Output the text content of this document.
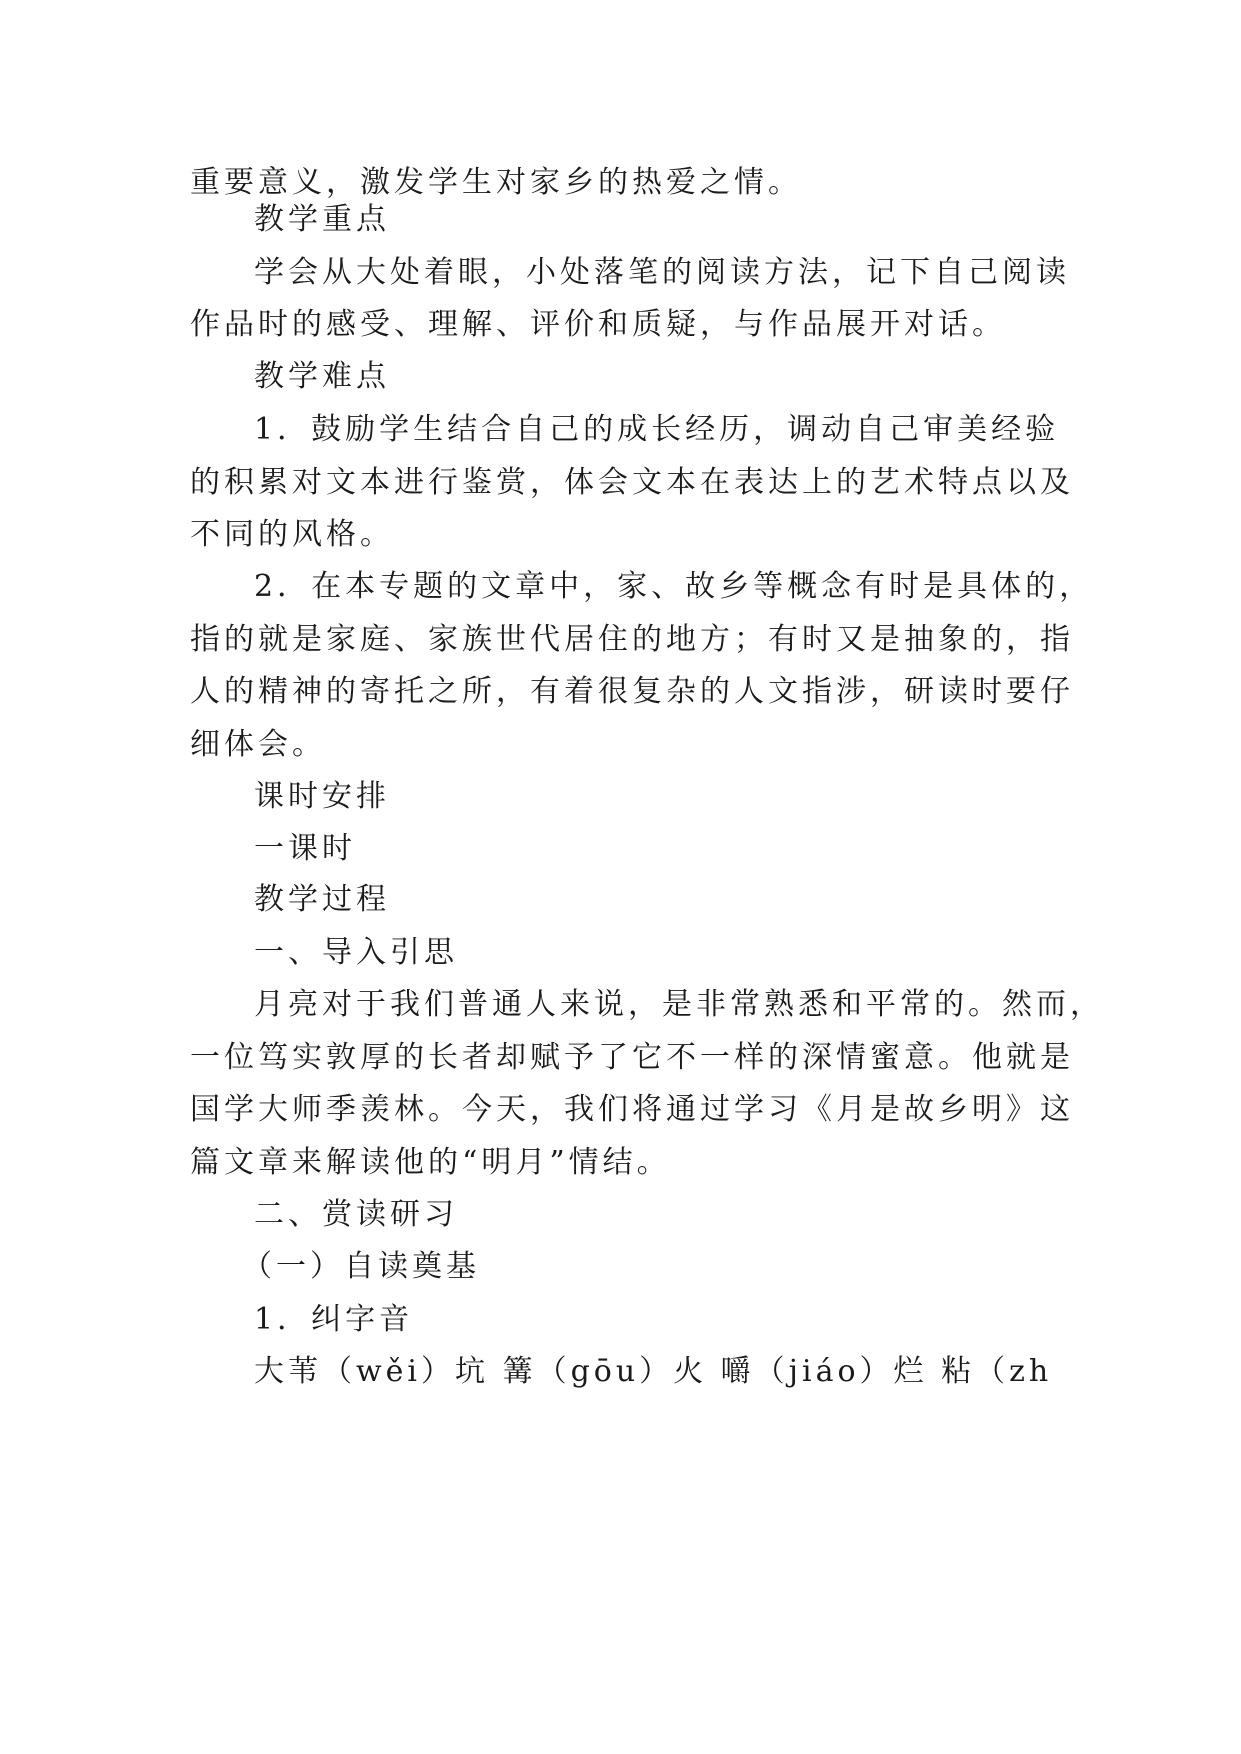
重要意义，激发学生对家乡的热爱之情。
教学重点
学会从大处着眼，小处落笔的阅读方法，记下自己阅读
作品时的感受、理解、评价和质疑，与作品展开对话。
教学难点
1．鼓励学生结合自己的成长经历，调动自己审美经验
的积累对文本进行鉴赏，体会文本在表达上的艺术特点以及
不同的风格。
2．在本专题的文章中，家、故乡等概念有时是具体的，
指的就是家庭、家族世代居住的地方；有时又是抽象的，指
人的精神的寄托之所，有着很复杂的人文指涉，研读时要仔
细体会。
课时安排
一课时
教学过程
一、导入引思
月亮对于我们普通人来说，是非常熟悉和平常的。然而，
一位笃实敦厚的长者却赋予了它不一样的深情蜜意。他就是
国学大师季羡林。今天，我们将通过学习《月是故乡明》这
篇文章来解读他的“明月”情结。
二、赏读研习
（一）自读奠基
1．纠字音
大苇（wěi）坑 篝（gōu）火 嚼（jiáo）烂 粘（zh
